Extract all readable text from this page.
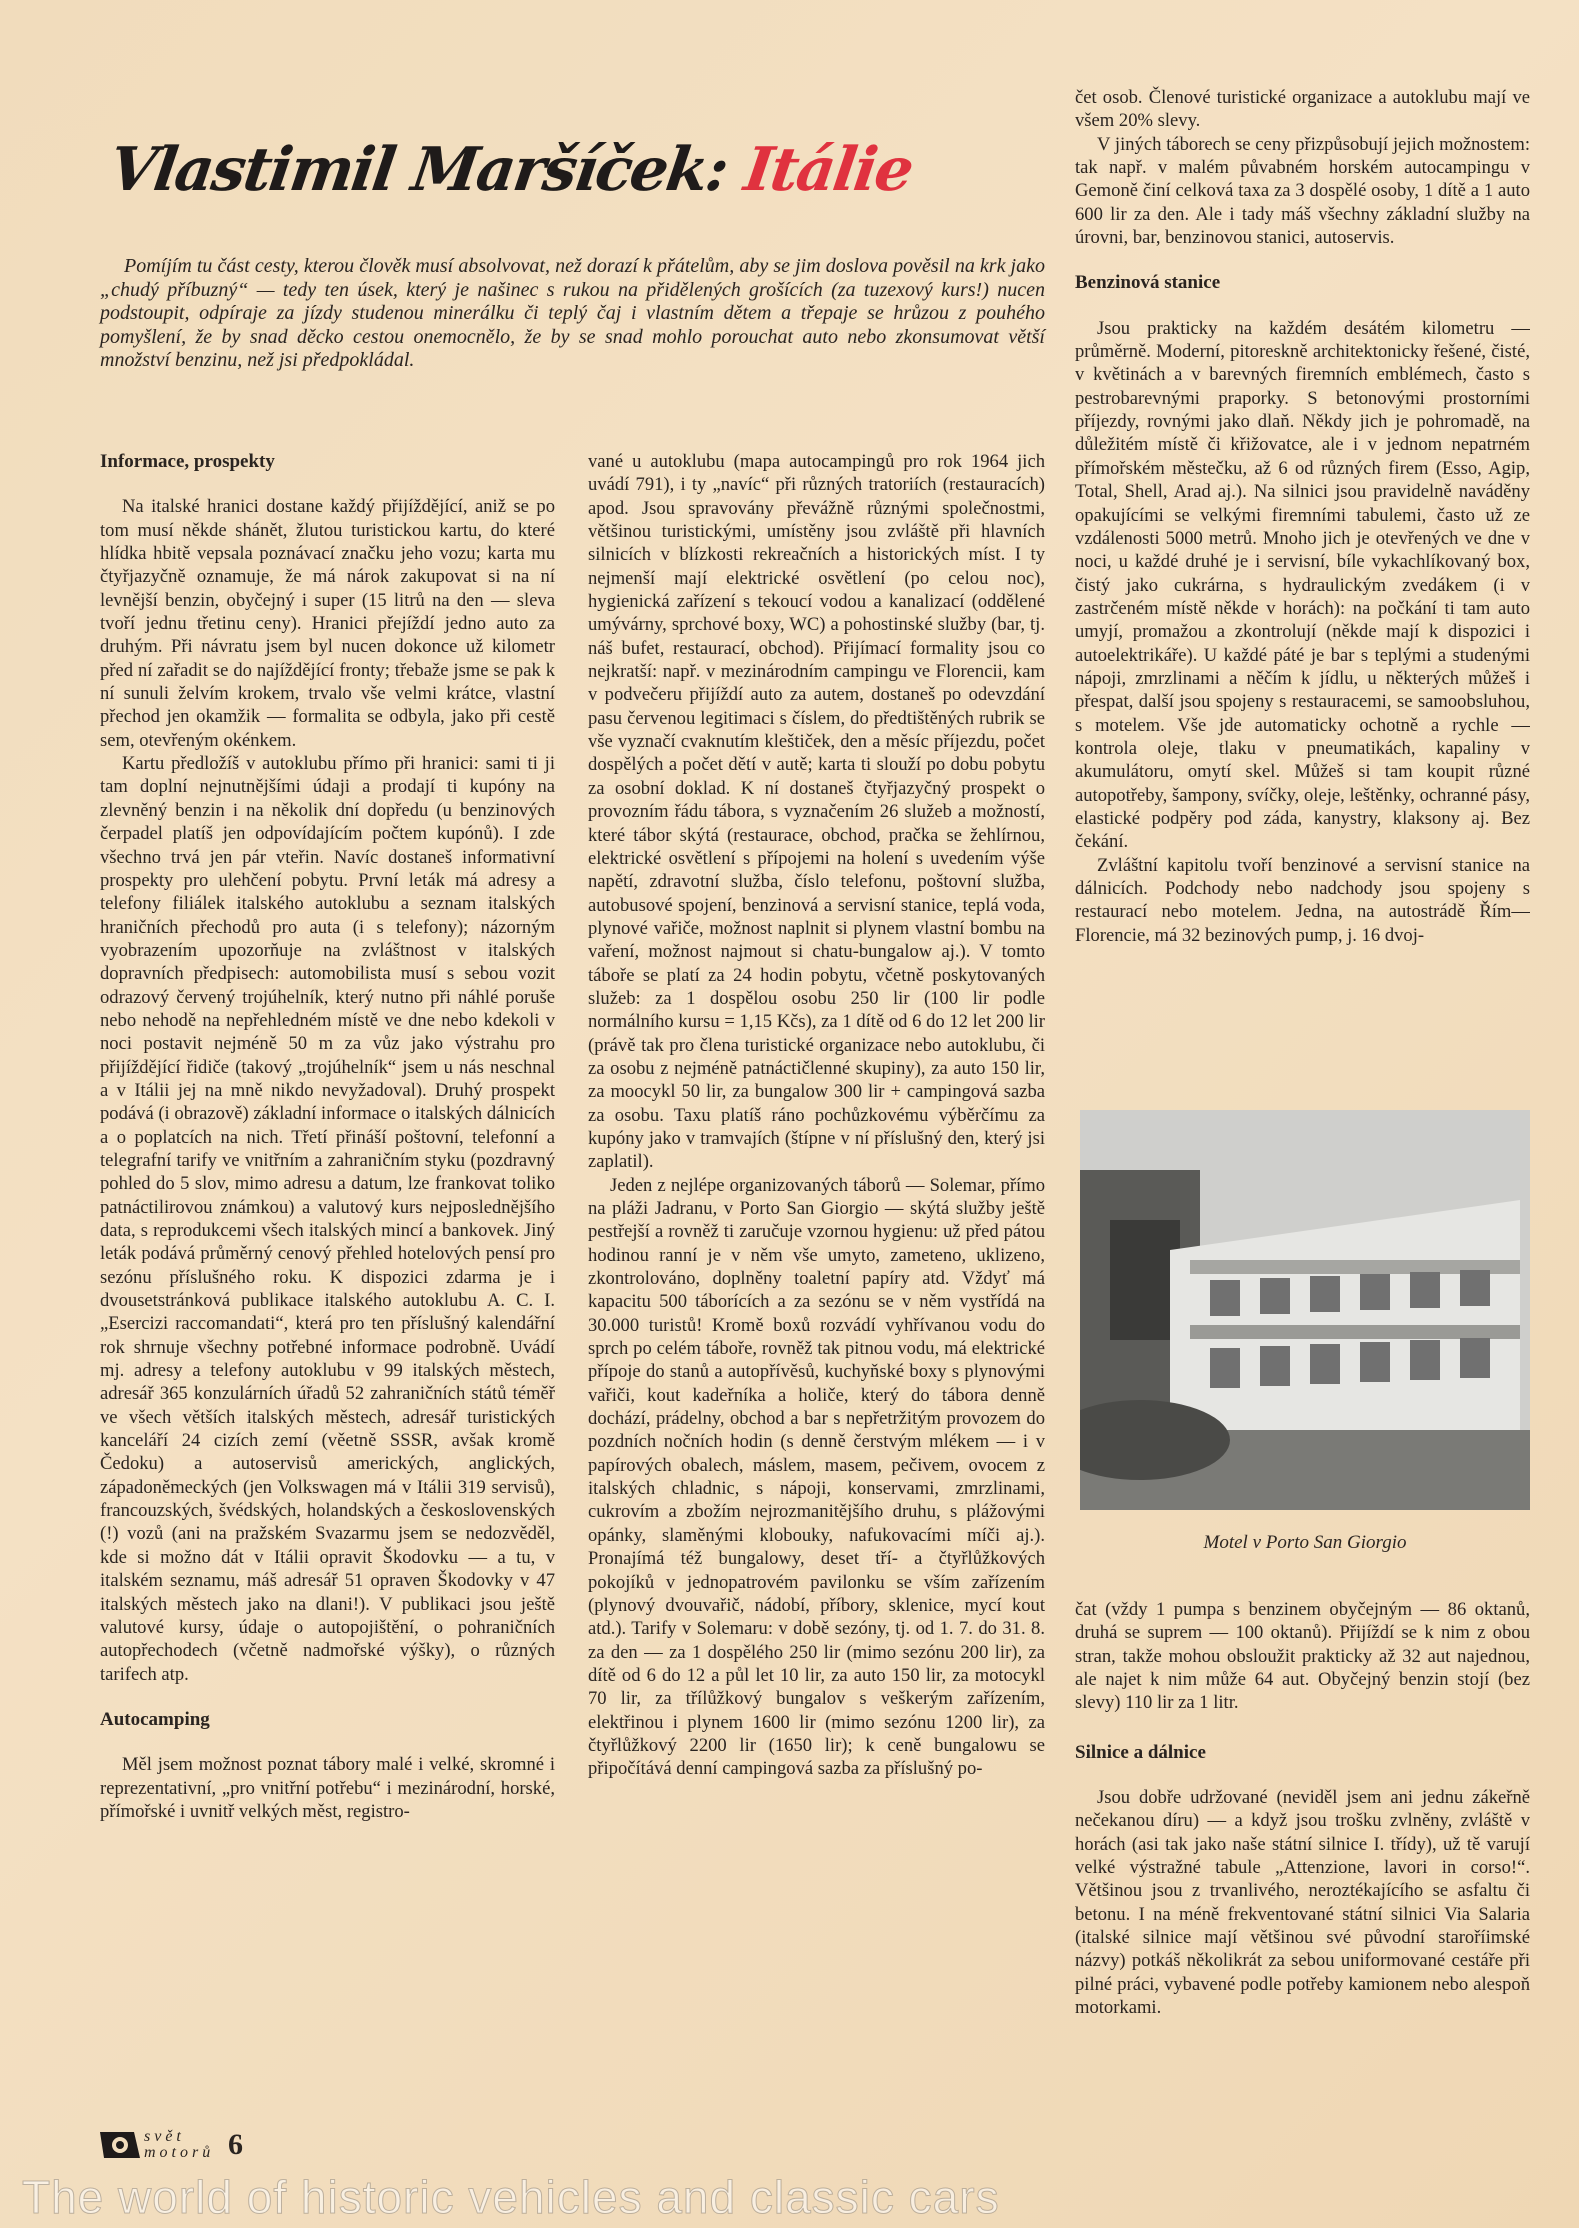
Vlastimil Maršíček: Itálie
Pomíjím tu část cesty, kterou člověk musí absolvovat, než dorazí k přátelům, aby se jim doslova pověsil na krk jako „chudý příbuzný“ — tedy ten úsek, který je našinec s rukou na přidělených grošících (za tuzexový kurs!) nucen podstoupit, odpíraje za jízdy studenou minerálku či teplý čaj i vlastním dětem a třepaje se hrůzou z pouhého pomyšlení, že by snad děcko cestou onemocnělo, že by se snad mohlo porouchat auto nebo zkonsumovat větší množství benzinu, než jsi předpokládal.
Informace, prospekty

Na italské hranici dostane každý přijíždějící, aniž se po tom musí někde shánět, žlutou turistickou kartu, do které hlídka hbitě vepsala poznávací značku jeho vozu; karta mu čtyřjazyčně oznamuje, že má nárok zakupovat si na ní levnější benzin, obyčejný i super (15 litrů na den — sleva tvoří jednu třetinu ceny). Hranici přejíždí jedno auto za druhým. Při návratu jsem byl nucen dokonce už kilometr před ní zařadit se do najíždějící fronty; třebaže jsme se pak k ní sunuli želvím krokem, trvalo vše velmi krátce, vlastní přechod jen okamžik — formalita se odbyla, jako při cestě sem, otevřeným okénkem.

Kartu předložíš v autoklubu přímo při hranici: sami ti ji tam doplní nejnutnějšími údaji a prodají ti kupóny na zlevněný benzin i na několik dní dopředu (u benzinových čerpadel platíš jen odpovídajícím počtem kupónů). I zde všechno trvá jen pár vteřin. Navíc dostaneš informativní prospekty pro ulehčení pobytu. První leták má adresy a telefony filiálek italského autoklubu a seznam italských hraničních přechodů pro auta (i s telefony); názorným vyobrazením upozorňuje na zvláštnost v italských dopravních předpisech: automobilista musí s sebou vozit odrazový červený trojúhelník, který nutno při náhlé poruše nebo nehodě na nepřehledném místě ve dne nebo kdekoli v noci postavit nejméně 50 m za vůz jako výstrahu pro přijíždějící řidiče (takový „trojúhelník“ jsem u nás neschnal a v Itálii jej na mně nikdo nevyžadoval). Druhý prospekt podává (i obrazově) základní informace o italských dálnicích a o poplatcích na nich. Třetí přináší poštovní, telefonní a telegrafní tarify ve vnitřním a zahraničním styku (pozdravný pohled do 5 slov, mimo adresu a datum, lze frankovat toliko patnáctilirovou známkou) a valutový kurs nejposlednějšího data, s reprodukcemi všech italských mincí a bankovek. Jiný leták podává průměrný cenový přehled hotelových pensí pro sezónu příslušného roku. K dispozici zdarma je i dvousetstránková publikace italského autoklubu A. C. I. „Esercizi raccomandati“, která pro ten příslušný kalendářní rok shrnuje všechny potřebné informace podrobně. Uvádí mj. adresy a telefony autoklubu v 99 italských městech, adresář 365 konzulárních úřadů 52 zahraničních států téměř ve všech větších italských městech, adresář turistických kanceláří 24 cizích zemí (věetně SSSR, avšak kromě Čedoku) a autoservisů amerických, anglických, západoněmeckých (jen Volkswagen má v Itálii 319 servisů), francouzských, švédských, holandských a československých (!) vozů (ani na pražském Svazarmu jsem se nedozvěděl, kde si možno dát v Itálii opravit Škodovku — a tu, v italském seznamu, máš adresář 51 opraven Škodovky v 47 italských městech jako na dlani!). V publikaci jsou ještě valutové kursy, údaje o autopojištění, o pohraničních autopřechodech (včetně nadmořské výšky), o různých tarifech atp.

Autocamping

Měl jsem možnost poznat tábory malé i velké, skromné i reprezentativní, „pro vnitřní potřebu“ i mezinárodní, horské, přímořské i uvnitř velkých měst, registro-

vané u autoklubu (mapa autocampingů pro rok 1964 jich uvádí 791), i ty „navíc“ při různých tratoriích (restauracích) apod. Jsou spravovány převážně různými společnostmi, většinou turistickými, umístěny jsou zvláště při hlavních silnicích v blízkosti rekreačních a historických míst. I ty nejmenší mají elektrické osvětlení (po celou noc), hygienická zařízení s tekoucí vodou a kanalizací (oddělené umývárny, sprchové boxy, WC) a pohostinské služby (bar, tj. náš bufet, restaurací, obchod). Přijímací formality jsou co nejkratší: např. v mezinárodním campingu ve Florencii, kam v podvečeru přijíždí auto za autem, dostaneš po odevzdání pasu červenou legitimaci s číslem, do předtištěných rubrik se vše vyznačí cvaknutím kleštiček, den a měsíc příjezdu, počet dospělých a počet dětí v autě; karta ti slouží po dobu pobytu za osobní doklad. K ní dostaneš čtyřjazyčný prospekt o provozním řádu tábora, s vyznačením 26 služeb a možností, které tábor skýtá (restaurace, obchod, pračka se žehlírnou, elektrické osvětlení s přípojemi na holení s uvedením výše napětí, zdravotní služba, číslo telefonu, poštovní služba, autobusové spojení, benzinová a servisní stanice, teplá voda, plynové vařiče, možnost naplnit si plynem vlastní bombu na vaření, možnost najmout si chatu-bungalow aj.). V tomto táboře se platí za 24 hodin pobytu, včetně poskytovaných služeb: za 1 dospělou osobu 250 lir (100 lir podle normálního kursu = 1,15 Kčs), za 1 dítě od 6 do 12 let 200 lir (právě tak pro člena turistické organizace nebo autoklubu, či za osobu z nejméně patnáctičlenné skupiny), za auto 150 lir, za moocykl 50 lir, za bungalow 300 lir + campingová sazba za osobu. Taxu platíš ráno pochůzkovému výběrčímu za kupóny jako v tramvajích (štípne v ní příslušný den, který jsi zaplatil).

Jeden z nejlépe organizovaných táborů — Solemar, přímo na pláži Jadranu, v Porto San Giorgio — skýtá služby ještě pestřejší a rovněž ti zaručuje vzornou hygienu: už před pátou hodinou ranní je v něm vše umyto, zameteno, uklizeno, zkontrolováno, doplněny toaletní papíry atd. Vždyť má kapacitu 500 táborících a za sezónu se v něm vystřídá na 30.000 turistů! Kromě boxů rozvádí vyhřívanou vodu do sprch po celém táboře, rovněž tak pitnou vodu, má elektrické přípoje do stanů a autopřívěsů, kuchyňské boxy s plynovými vařiči, kout kadeřníka a holiče, který do tábora denně dochází, prádelny, obchod a bar s nepřetržitým provozem do pozdních nočních hodin (s denně čerstvým mlékem — i v papírových obalech, máslem, masem, pečivem, ovocem z italských chladnic, s nápoji, konservami, zmrzlinami, cukrovím a zbožím nejrozmanitějšího druhu, s plážovými opánky, slaměnými klobouky, nafukovacími míči aj.). Pronajímá též bungalowy, deset tří- a čtyřlůžkových pokojíků v jednopatrovém pavilonku se vším zařízením (plynový dvouvařič, nádobí, příbory, sklenice, mycí kout atd.). Tarify v Solemaru: v době sezóny, tj. od 1. 7. do 31. 8. za den — za 1 dospělého 250 lir (mimo sezónu 200 lir), za dítě od 6 do 12 a půl let 10 lir, za auto 150 lir, za motocykl 70 lir, za třílůžkový bungalov s veškerým zařízením, elektřinou i plynem 1600 lir (mimo sezónu 1200 lir), za čtyřlůžkový 2200 lir (1650 lir); k ceně bungalowu se připočítává denní campingová sazba za příslušný po-

čet osob. Členové turistické organizace a autoklubu mají ve všem 20% slevy.

V jiných táborech se ceny přizpůsobují jejich možnostem: tak např. v malém půvabném horském autocampingu v Gemoně činí celková taxa za 3 dospělé osoby, 1 dítě a 1 auto 600 lir za den. Ale i tady máš všechny základní služby na úrovni, bar, benzinovou stanici, autoservis.

Benzinová stanice

Jsou prakticky na každém desátém kilometru — průměrně. Moderní, pitoreskně architektonicky řešené, čisté, v květinách a v barevných firemních emblémech, často s pestrobarevnými praporky. S betonovými prostorními příjezdy, rovnými jako dlaň. Někdy jich je pohromadě, na důležitém místě či křižovatce, ale i v jednom nepatrném přímořském městečku, až 6 od různých firem (Esso, Agip, Total, Shell, Arad aj.). Na silnici jsou pravidelně naváděny opakujícími se velkými firemními tabulemi, často už ze vzdálenosti 5000 metrů. Mnoho jich je otevřených ve dne v noci, u každé druhé je i servisní, bíle vykachlíkovaný box, čistý jako cukrárna, s hydraulickým zvedákem (i v zastrčeném místě někde v horách): na počkání ti tam auto umyjí, promažou a zkontrolují (někde mají k dispozici i autoelektrikáře). U každé páté je bar s teplými a studenými nápoji, zmrzlinami a něčím k jídlu, u některých můžeš i přespat, další jsou spojeny s restauracemi, se samoobsluhou, s motelem. Vše jde automaticky ochotně a rychle — kontrola oleje, tlaku v pneumatikách, kapaliny v akumulátoru, omytí skel. Můžeš si tam koupit různé autopotřeby, šampony, svíčky, oleje, leštěnky, ochranné pásy, elastické podpěry pod záda, kanystry, klaksony aj. Bez čekání.

Zvláštní kapitolu tvoří benzinové a servisní stanice na dálnicích. Podchody nebo nadchody jsou spojeny s restaurací nebo motelem. Jedna, na autostrádě Řím—Florencie, má 32 bezinových pump, j. 16 dvoj-

Motel v Porto San Giorgio

čat (vždy 1 pumpa s benzinem obyčejným — 86 oktanů, druhá se suprem — 100 oktanů). Přijíždí se k nim z obou stran, takže mohou obsloužit prakticky až 32 aut najednou, ale najet k nim může 64 aut. Obyčejný benzin stojí (bez slevy) 110 lir za 1 litr.

Silnice a dálnice

Jsou dobře udržované (neviděl jsem ani jednu zákeřně nečekanou díru) — a když jsou trošku zvlněny, zvláště v horách (asi tak jako naše státní silnice I. třídy), už tě varují velké výstražné tabule „Attenzione, lavori in corso!“. Většinou jsou z trvanlivého, neroztékajícího se asfaltu či betonu. I na méně frekventované státní silnici Via Salaria (italské silnice mají většinou své původní staroříimské názvy) potkáš několikrát za sebou uniformované cestáře při pilné práci, vybavené podle potřeby kamionem nebo alespoň motorkami.

svět motorů 6
The world of historic vehicles and classic cars
